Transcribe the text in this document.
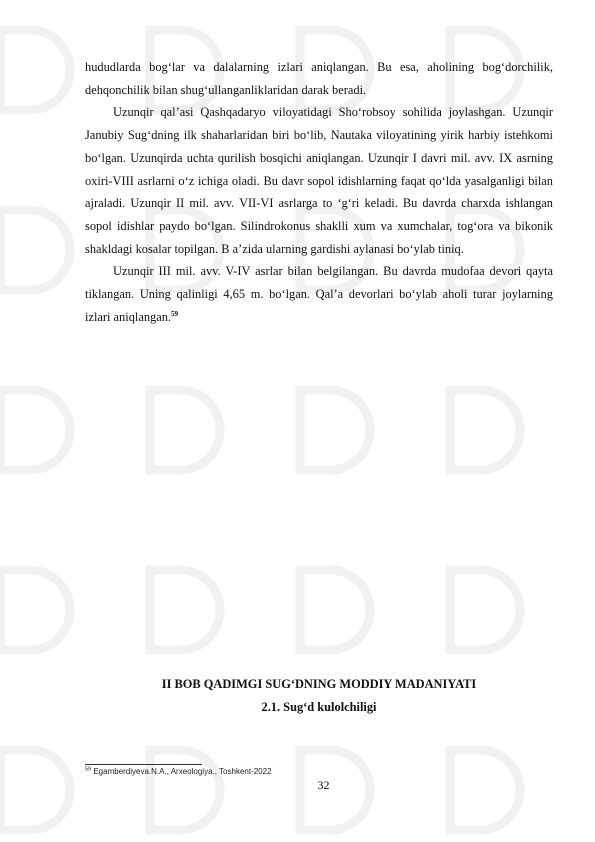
hududlarda bog‘lar va dalalarning izlari aniqlangan. Bu esa, aholining bog‘dorchilik, dehqonchilik bilan shug‘ullanganliklaridan darak beradi.

Uzunqir qal’asi Qashqadaryo viloyatidagi Sho‘robsoy sohilida joylashgan. Uzunqir Janubiy Sug‘dning ilk shaharlaridan biri bo‘lib, Nautaka viloyatining yirik harbiy istehkomi bo‘lgan. Uzunqirda uchta qurilish bosqichi aniqlangan. Uzunqir I davri mil. avv. IX asrning oxiri-VIII asrlarni o‘z ichiga oladi. Bu davr sopol idishlarning faqat qo‘lda yasalganligi bilan ajraladi. Uzunqir II mil. avv. VII-VI asrlarga to ‘g‘ri keladi. Bu davrda charxda ishlangan sopol idishlar paydo bo‘lgan. Silindrokonus shaklli xum va xumchalar, tog‘ora va bikonik shakldagi kosalar topilgan. B a’zida ularning gardishi aylanasi bo‘ylab tiniq.

Uzunqir III mil. avv. V-IV asrlar bilan belgilangan. Bu davrda mudofaa devori qayta tiklangan. Uning qalinligi 4,65 m. bo‘lgan. Qal’a devorlari bo‘ylab aholi turar joylarning izlari aniqlangan.$^{59}$

II BOB QADIMGI SUG‘DNING MODDIY MADANIYATI
2.1. Sug‘d kulolchiligi
$^{59}$ Egamberdiyeva.N.A., Arxeologiya., Toshkent-2022
32
